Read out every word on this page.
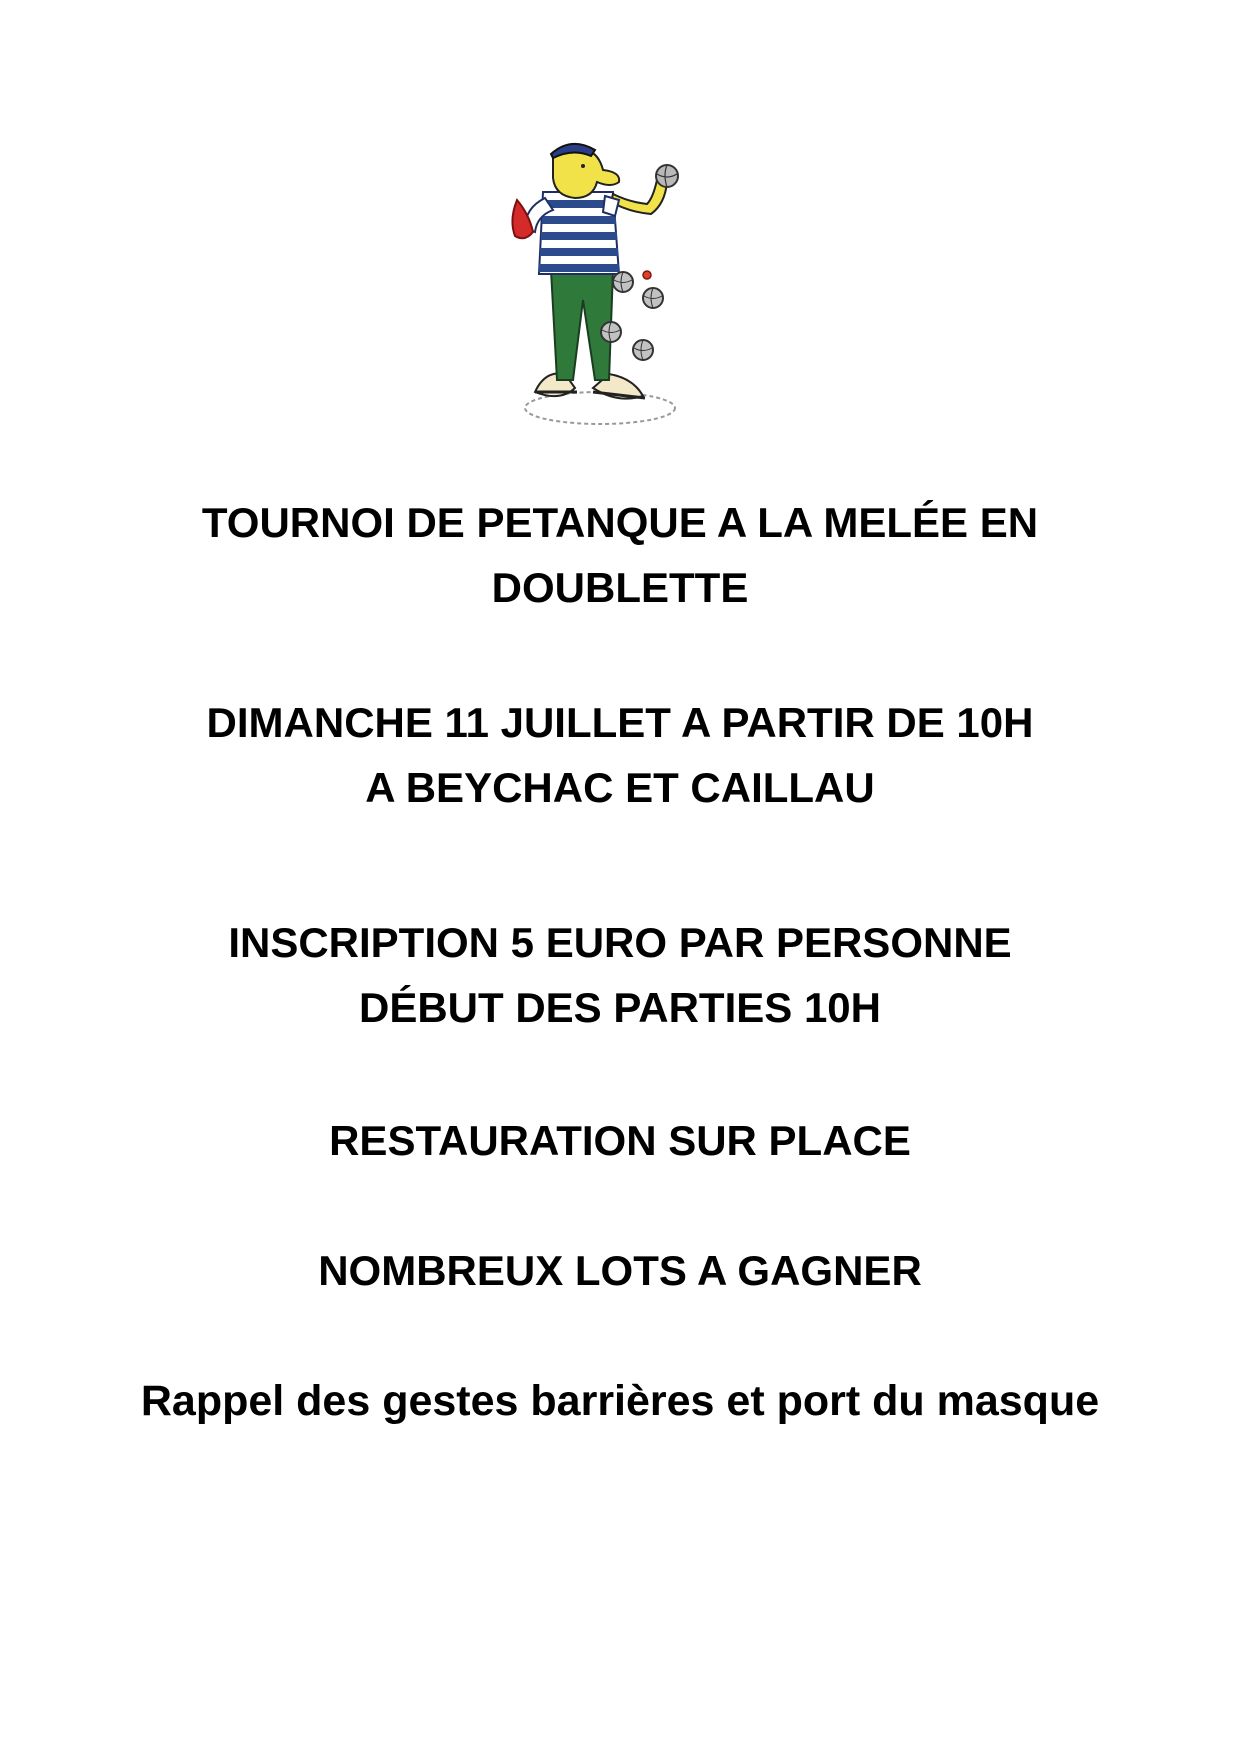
TOURNOI DE PETANQUE A LA MELÉE EN
DOUBLETTE
DIMANCHE 11 JUILLET A PARTIR DE 10H
A BEYCHAC ET CAILLAU
INSCRIPTION 5 EURO PAR PERSONNE
DÉBUT DES PARTIES 10H
RESTAURATION SUR PLACE
NOMBREUX LOTS A GAGNER
Rappel des gestes barrières et port du masque
